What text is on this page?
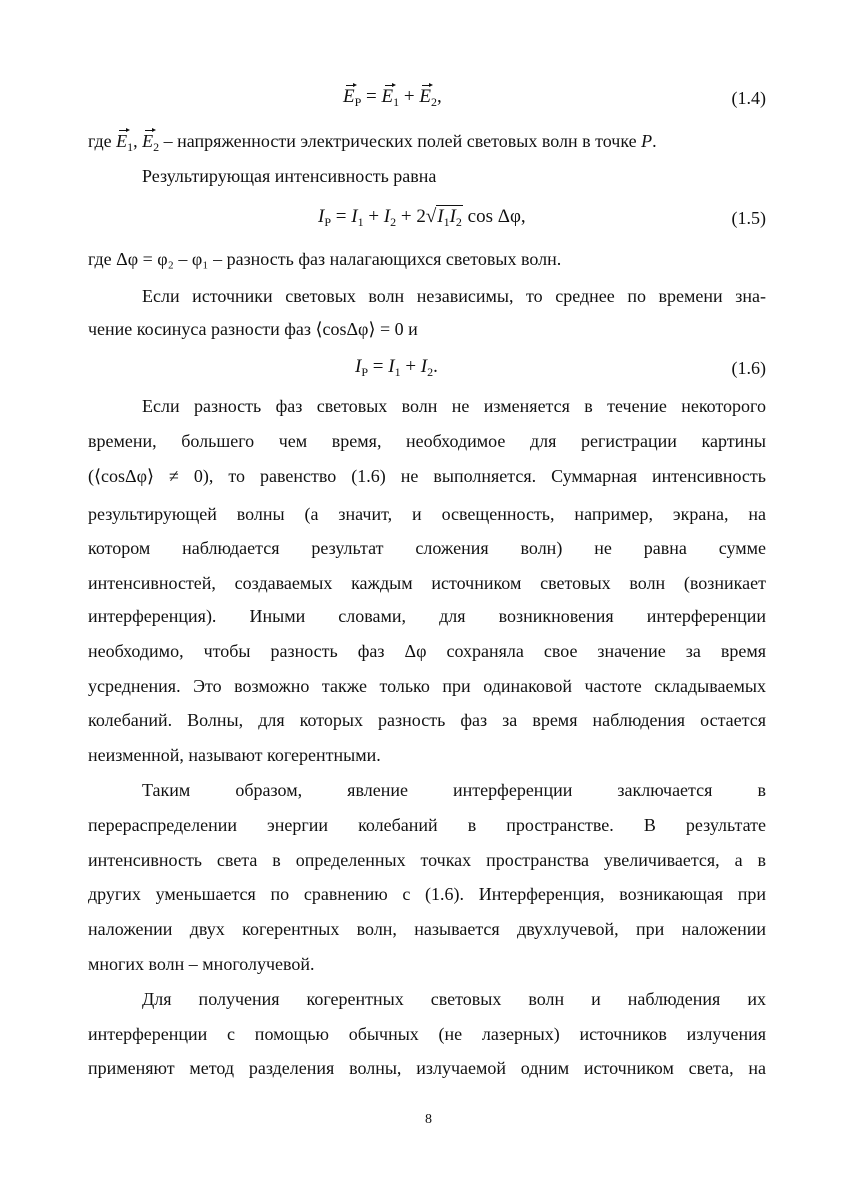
$E_P = E_1 + E_2$,	(1.4)
где $E_1$, $E_2$ – напряженности электрических полей световых волн в точке P.
Результирующая интенсивность равна
$I_P = I_1 + I_2 + 2√I_1I_2$ cos Δφ,	(1.5)
где Δφ = φ₂ – φ₁ – разность фаз налагающихся световых волн.
Если источники световых волн независимы, то среднее по времени зна-
чение косинуса разности фаз ⟨cosΔφ⟩ = 0 и
$I_P = I_1 + I_2$.	(1.6)
Если разность фаз световых волн не изменяется в течение некоторого
времени, большего чем время, необходимое для регистрации картины
(⟨cosΔφ⟩ ≠ 0), то равенство (1.6) не выполняется. Суммарная интенсивность
результирующей волны (а значит, и освещенность, например, экрана, на
котором наблюдается результат сложения волн) не равна сумме
интенсивностей, создаваемых каждым источником световых волн (возникает
интерференция). Иными словами, для возникновения интерференции
необходимо, чтобы разность фаз Δφ сохраняла свое значение за время
усреднения. Это возможно также только при одинаковой частоте складываемых
колебаний. Волны, для которых разность фаз за время наблюдения остается
неизменной, называют когерентными.
Таким образом, явление интерференции заключается в
перераспределении энергии колебаний в пространстве. В результате
интенсивность света в определенных точках пространства увеличивается, а в
других уменьшается по сравнению с (1.6). Интерференция, возникающая при
наложении двух когерентных волн, называется двухлучевой, при наложении
многих волн – многолучевой.
Для получения когерентных световых волн и наблюдения их
интерференции с помощью обычных (не лазерных) источников излучения
применяют метод разделения волны, излучаемой одним источником света, на
8
